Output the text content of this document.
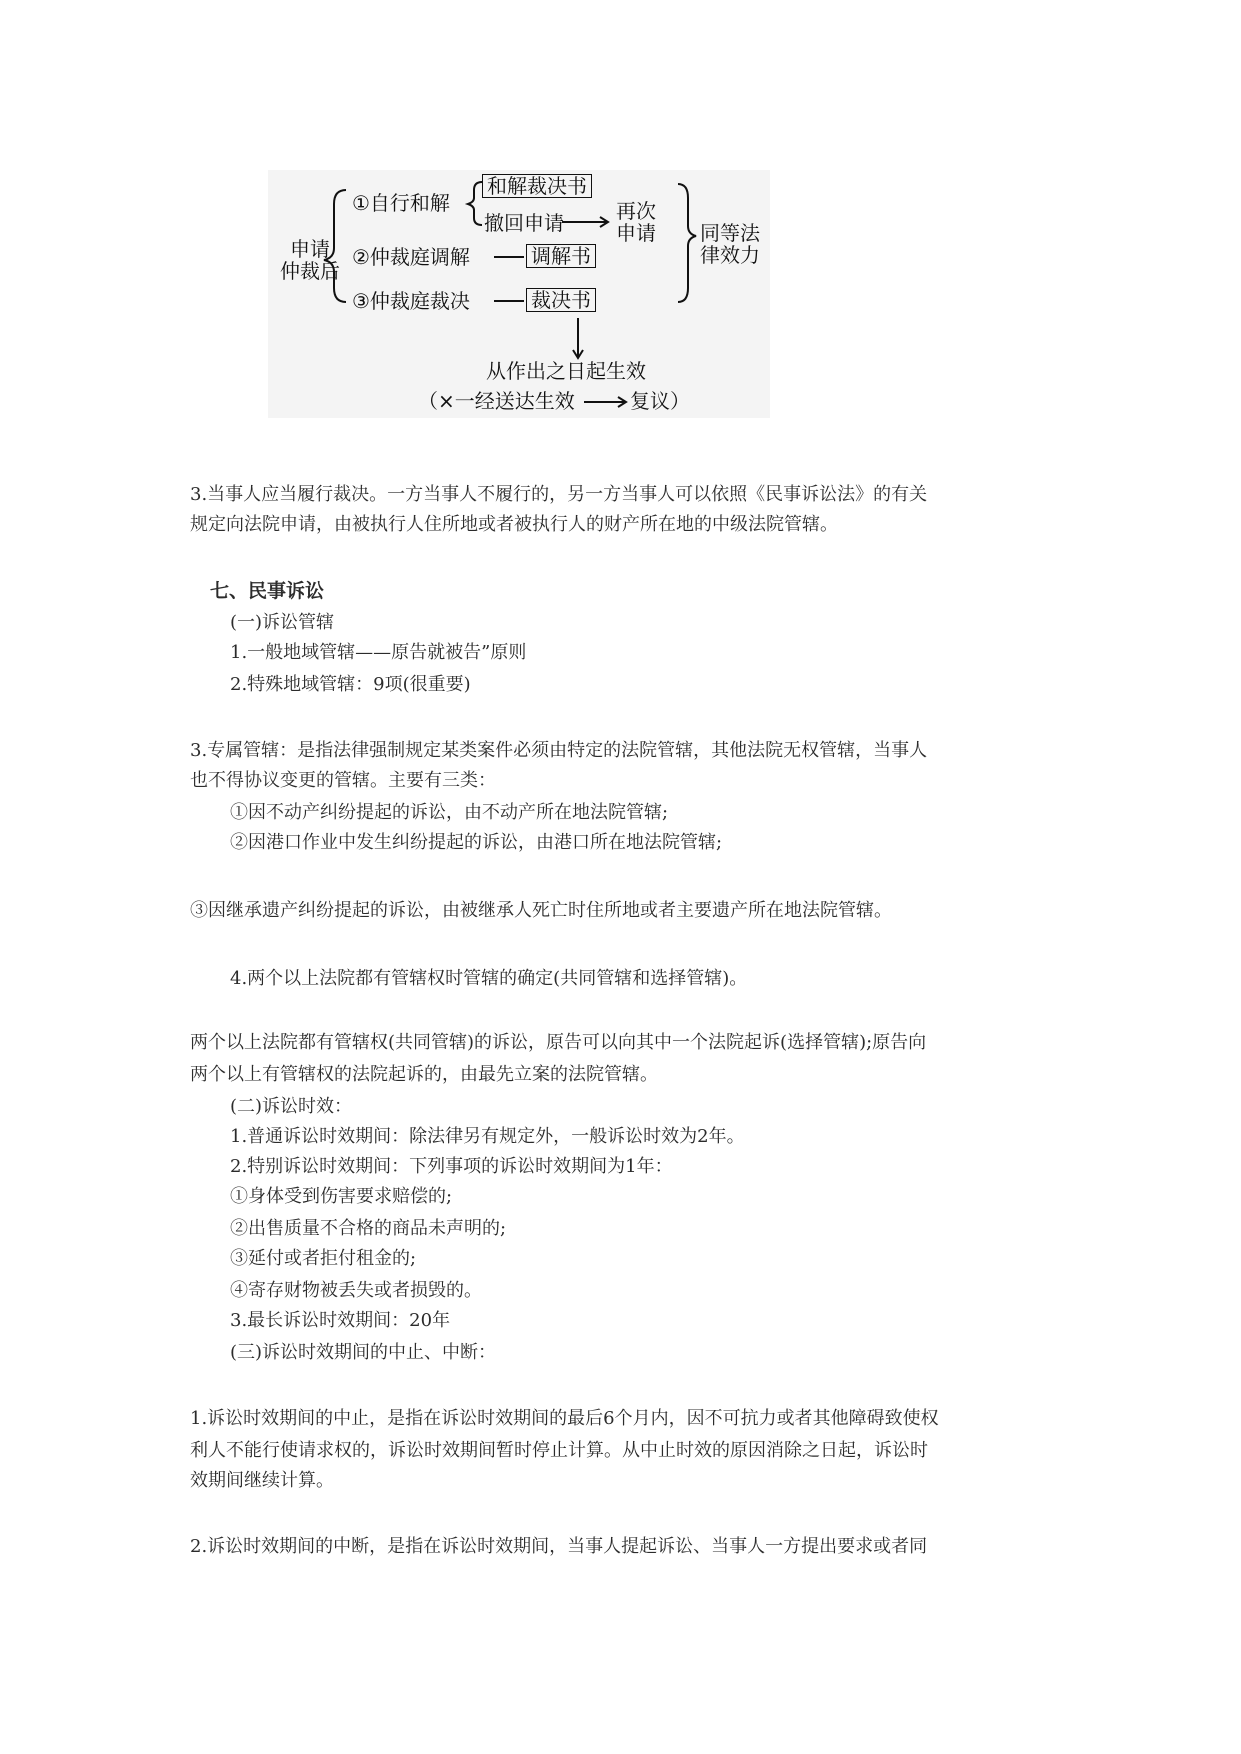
申请
仲裁后
①自行和解
和解裁决书
撤回申请	再次
申请
②仲裁庭调解	调解书
③仲裁庭裁决	裁决书
同等法
律效力
从作出之日起生效
（×一经送达生效	复议）
3.当事人应当履行裁决。一方当事人不履行的，另一方当事人可以依照《民事诉讼法》的有关
规定向法院申请，由被执行人住所地或者被执行人的财产所在地的中级法院管辖。
七、民事诉讼
(一)诉讼管辖
1.一般地域管辖——原告就被告”原则
2.特殊地域管辖：9项(很重要)
3.专属管辖：是指法律强制规定某类案件必须由特定的法院管辖，其他法院无权管辖，当事人
也不得协议变更的管辖。主要有三类：
①因不动产纠纷提起的诉讼，由不动产所在地法院管辖;
②因港口作业中发生纠纷提起的诉讼，由港口所在地法院管辖;
③因继承遗产纠纷提起的诉讼，由被继承人死亡时住所地或者主要遗产所在地法院管辖。
4.两个以上法院都有管辖权时管辖的确定(共同管辖和选择管辖)。
两个以上法院都有管辖权(共同管辖)的诉讼，原告可以向其中一个法院起诉(选择管辖);原告向
两个以上有管辖权的法院起诉的，由最先立案的法院管辖。
(二)诉讼时效：
1.普通诉讼时效期间：除法律另有规定外，一般诉讼时效为2年。
2.特别诉讼时效期间：下列事项的诉讼时效期间为1年：
①身体受到伤害要求赔偿的;
②出售质量不合格的商品未声明的;
③延付或者拒付租金的;
④寄存财物被丢失或者损毁的。
3.最长诉讼时效期间：20年
(三)诉讼时效期间的中止、中断：
1.诉讼时效期间的中止，是指在诉讼时效期间的最后6个月内，因不可抗力或者其他障碍致使权
利人不能行使请求权的，诉讼时效期间暂时停止计算。从中止时效的原因消除之日起，诉讼时
效期间继续计算。
2.诉讼时效期间的中断，是指在诉讼时效期间，当事人提起诉讼、当事人一方提出要求或者同
